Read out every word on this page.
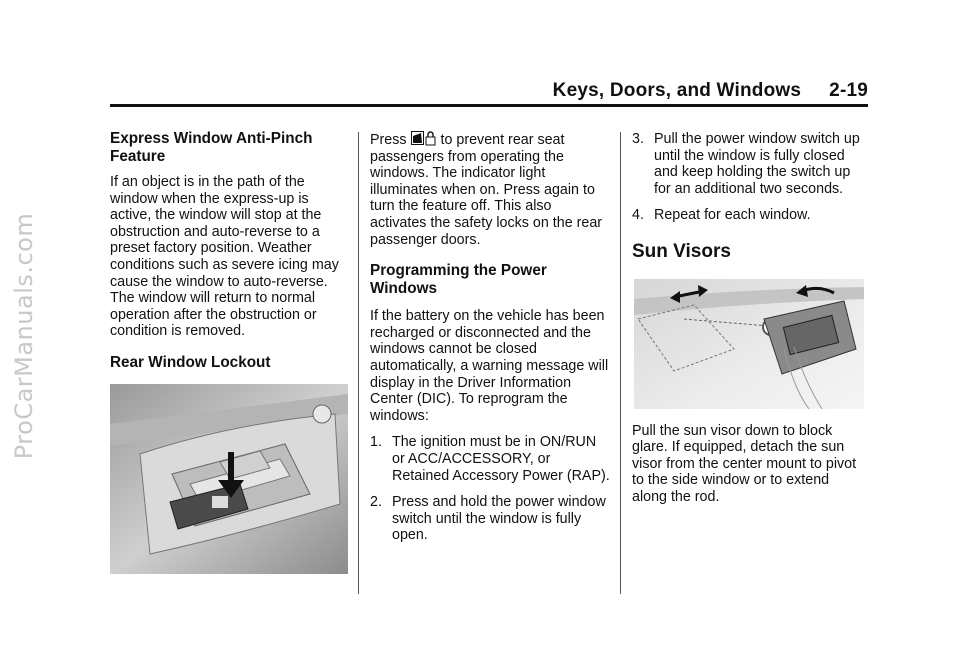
ProCarManuals.com
Keys, Doors, and Windows 2-19
Express Window Anti-Pinch Feature

If an object is in the path of the window when the express-up is active, the window will stop at the obstruction and auto-reverse to a preset factory position. Weather conditions such as severe icing may cause the window to auto-reverse. The window will return to normal operation after the obstruction or condition is removed.

Rear Window Lockout

Press  to prevent rear seat passengers from operating the windows. The indicator light illuminates when on. Press again to turn the feature off. This also activates the safety locks on the rear passenger doors.

Programming the Power Windows

If the battery on the vehicle has been recharged or disconnected and the windows cannot be closed automatically, a warning message will display in the Driver Information Center (DIC). To reprogram the windows:

1. The ignition must be in ON/RUN or ACC/ACCESSORY, or Retained Accessory Power (RAP).
2. Press and hold the power window switch until the window is fully open.
3. Pull the power window switch up until the window is fully closed and keep holding the switch up for an additional two seconds.
4. Repeat for each window.
Sun Visors

Pull the sun visor down to block glare. If equipped, detach the sun visor from the center mount to pivot to the side window or to extend along the rod.
